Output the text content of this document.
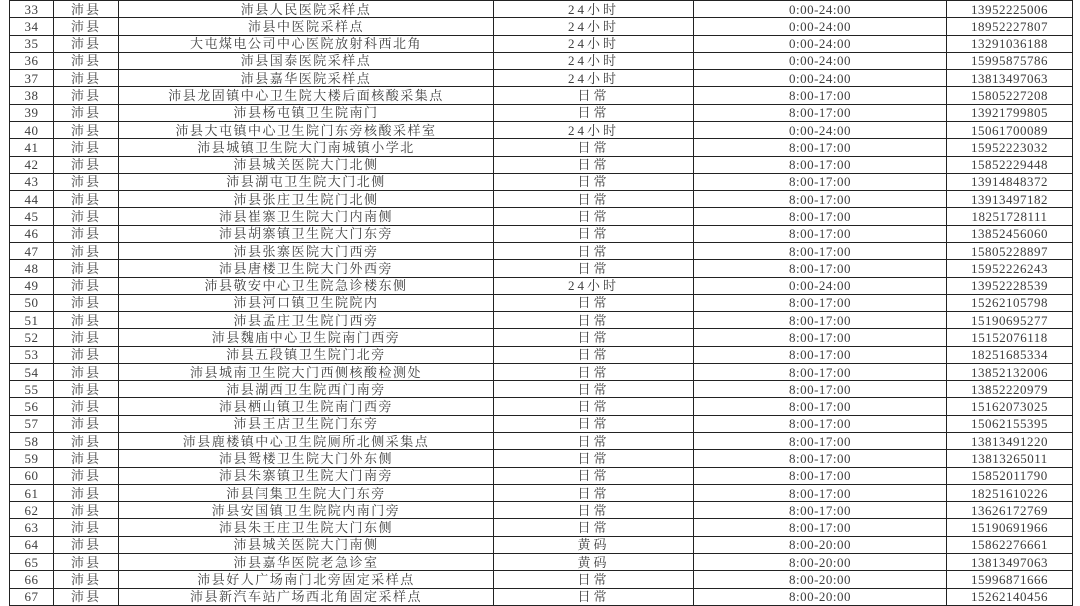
33	沛县	沛县人民医院采样点	24小时	0:00-24:00	13952225006
34	沛县	沛县中医院采样点	24小时	0:00-24:00	18952227807
35	沛县	大屯煤电公司中心医院放射科西北角	24小时	0:00-24:00	13291036188
36	沛县	沛县国泰医院采样点	24小时	0:00-24:00	15995875786
37	沛县	沛县嘉华医院采样点	24小时	0:00-24:00	13813497063
38	沛县	沛县龙固镇中心卫生院大楼后面核酸采集点	日常	8:00-17:00	15805227208
39	沛县	沛县杨屯镇卫生院南门	日常	8:00-17:00	13921799805
40	沛县	沛县大屯镇中心卫生院门东旁核酸采样室	24小时	0:00-24:00	15061700089
41	沛县	沛县城镇卫生院大门南城镇小学北	日常	8:00-17:00	15952223032
42	沛县	沛县城关医院大门北侧	日常	8:00-17:00	15852229448
43	沛县	沛县湖屯卫生院大门北侧	日常	8:00-17:00	13914848372
44	沛县	沛县张庄卫生院门北侧	日常	8:00-17:00	13913497182
45	沛县	沛县崔寨卫生院大门内南侧	日常	8:00-17:00	18251728111
46	沛县	沛县胡寨镇卫生院大门东旁	日常	8:00-17:00	13852456060
47	沛县	沛县张寨医院大门西旁	日常	8:00-17:00	15805228897
48	沛县	沛县唐楼卫生院大门外西旁	日常	8:00-17:00	15952226243
49	沛县	沛县敬安中心卫生院急诊楼东侧	24小时	0:00-24:00	13952228539
50	沛县	沛县河口镇卫生院院内	日常	8:00-17:00	15262105798
51	沛县	沛县孟庄卫生院门西旁	日常	8:00-17:00	15190695277
52	沛县	沛县魏庙中心卫生院南门西旁	日常	8:00-17:00	15152076118
53	沛县	沛县五段镇卫生院门北旁	日常	8:00-17:00	18251685334
54	沛县	沛县城南卫生院大门西侧核酸检测处	日常	8:00-17:00	13852132006
55	沛县	沛县湖西卫生院西门南旁	日常	8:00-17:00	13852220979
56	沛县	沛县栖山镇卫生院南门西旁	日常	8:00-17:00	15162073025
57	沛县	沛县王店卫生院门东旁	日常	8:00-17:00	15062155395
58	沛县	沛县鹿楼镇中心卫生院厕所北侧采集点	日常	8:00-17:00	13813491220
59	沛县	沛县鸳楼卫生院大门外东侧	日常	8:00-17:00	13813265011
60	沛县	沛县朱寨镇卫生院大门南旁	日常	8:00-17:00	15852011790
61	沛县	沛县闫集卫生院大门东旁	日常	8:00-17:00	18251610226
62	沛县	沛县安国镇卫生院院内南门旁	日常	8:00-17:00	13626172769
63	沛县	沛县朱王庄卫生院大门东侧	日常	8:00-17:00	15190691966
64	沛县	沛县城关医院大门南侧	黄码	8:00-20:00	15862276661
65	沛县	沛县嘉华医院老急诊室	黄码	8:00-20:00	13813497063
66	沛县	沛县好人广场南门北旁固定采样点	日常	8:00-20:00	15996871666
67	沛县	沛县新汽车站广场西北角固定采样点	日常	8:00-20:00	15262140456
